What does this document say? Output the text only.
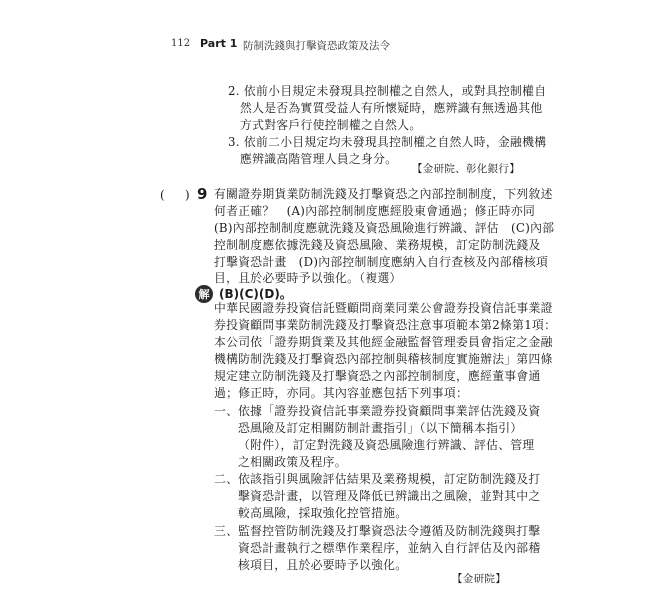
112 Part 1 防制洗錢與打擊資恐政策及法令
2. 依前小目規定未發現具控制權之自然人，或對具控制權自
然人是否為實質受益人有所懷疑時，應辨識有無透過其他
方式對客戶行使控制權之自然人。
3. 依前二小目規定均未發現具控制權之自然人時，金融機構
應辨識高階管理人員之身分。
【金研院、彰化銀行】
( ) 9 有關證券期貨業防制洗錢及打擊資恐之內部控制制度，下列敘述
何者正確？　(A)內部控制制度應經股東會通過；修正時亦同
(B)內部控制制度應就洗錢及資恐風險進行辨識、評估　(C)內部
控制制度應依據洗錢及資恐風險、業務規模，訂定防制洗錢及
打擊資恐計畫　(D)內部控制制度應納入自行查核及內部稽核項
目，且於必要時予以強化。（複選）
解 (B)(C)(D)。
中華民國證券投資信託暨顧問商業同業公會證券投資信託事業證
券投資顧問事業防制洗錢及打擊資恐注意事項範本第2條第1項：
本公司依「證券期貨業及其他經金融監督管理委員會指定之金融
機構防制洗錢及打擊資恐內部控制與稽核制度實施辦法」第四條
規定建立防制洗錢及打擊資恐之內部控制制度，應經董事會通
過；修正時，亦同。其內容並應包括下列事項：
一、 依據「證券投資信託事業證券投資顧問事業評估洗錢及資
恐風險及訂定相關防制計畫指引」（以下簡稱本指引）
（附件），訂定對洗錢及資恐風險進行辨識、評估、管理
之相關政策及程序。
二、 依該指引與風險評估結果及業務規模，訂定防制洗錢及打
擊資恐計畫，以管理及降低已辨識出之風險，並對其中之
較高風險，採取強化控管措施。
三、 監督控管防制洗錢及打擊資恐法令遵循及防制洗錢與打擊
資恐計畫執行之標準作業程序，並納入自行評估及內部稽
核項目，且於必要時予以強化。
【金研院】
